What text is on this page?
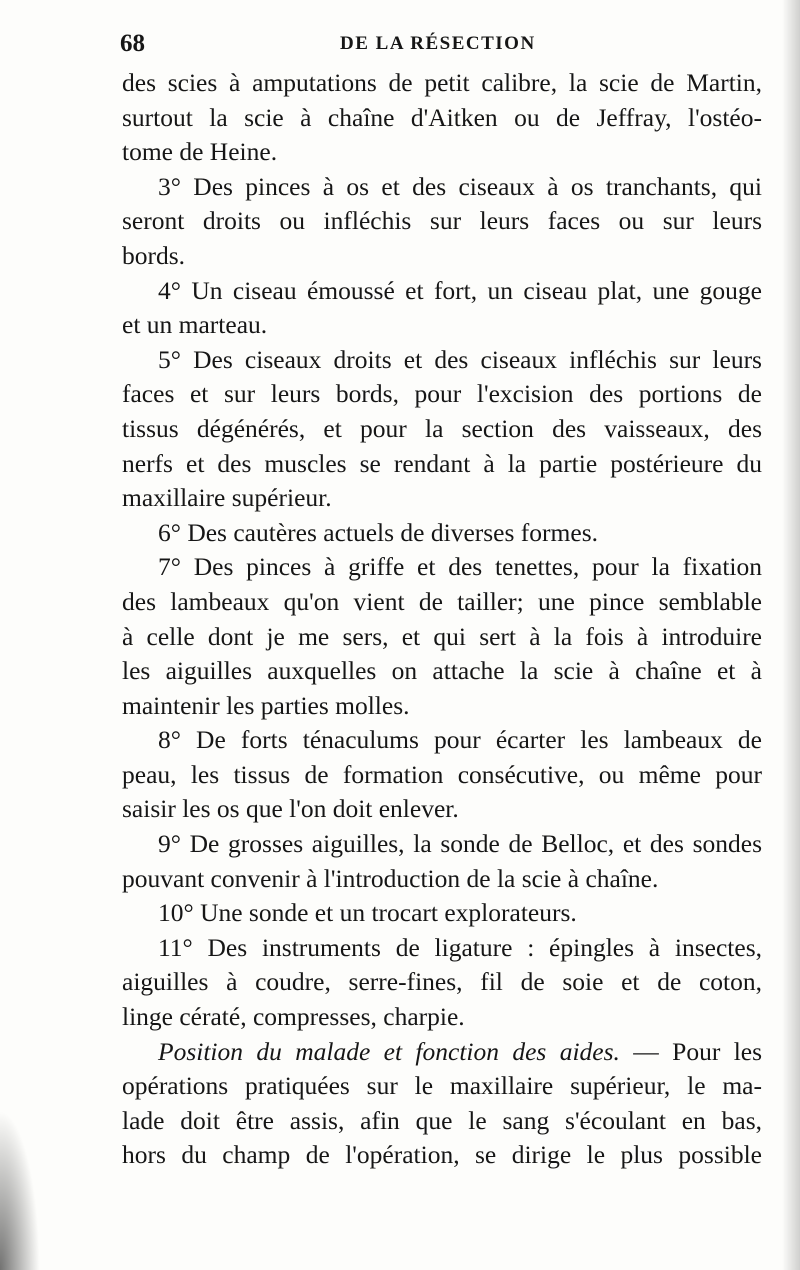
68	DE LA RÉSECTION
des scies à amputations de petit calibre, la scie de Martin,
surtout la scie à chaîne d'Aitken ou de Jeffray, l'ostéo-
tome de Heine.
3° Des pinces à os et des ciseaux à os tranchants, qui
seront droits ou infléchis sur leurs faces ou sur leurs
bords.
4° Un ciseau émoussé et fort, un ciseau plat, une gouge
et un marteau.
5° Des ciseaux droits et des ciseaux infléchis sur leurs
faces et sur leurs bords, pour l'excision des portions de
tissus dégénérés, et pour la section des vaisseaux, des
nerfs et des muscles se rendant à la partie postérieure du
maxillaire supérieur.
6° Des cautères actuels de diverses formes.
7° Des pinces à griffe et des tenettes, pour la fixation
des lambeaux qu'on vient de tailler; une pince semblable
à celle dont je me sers, et qui sert à la fois à introduire
les aiguilles auxquelles on attache la scie à chaîne et à
maintenir les parties molles.
8° De forts ténaculums pour écarter les lambeaux de
peau, les tissus de formation consécutive, ou même pour
saisir les os que l'on doit enlever.
9° De grosses aiguilles, la sonde de Belloc, et des sondes
pouvant convenir à l'introduction de la scie à chaîne.
10° Une sonde et un trocart explorateurs.
11° Des instruments de ligature : épingles à insectes,
aiguilles à coudre, serre-fines, fil de soie et de coton,
linge cératé, compresses, charpie.
Position du malade et fonction des aides. — Pour les
opérations pratiquées sur le maxillaire supérieur, le ma-
lade doit être assis, afin que le sang s'écoulant en bas,
hors du champ de l'opération, se dirige le plus possible
